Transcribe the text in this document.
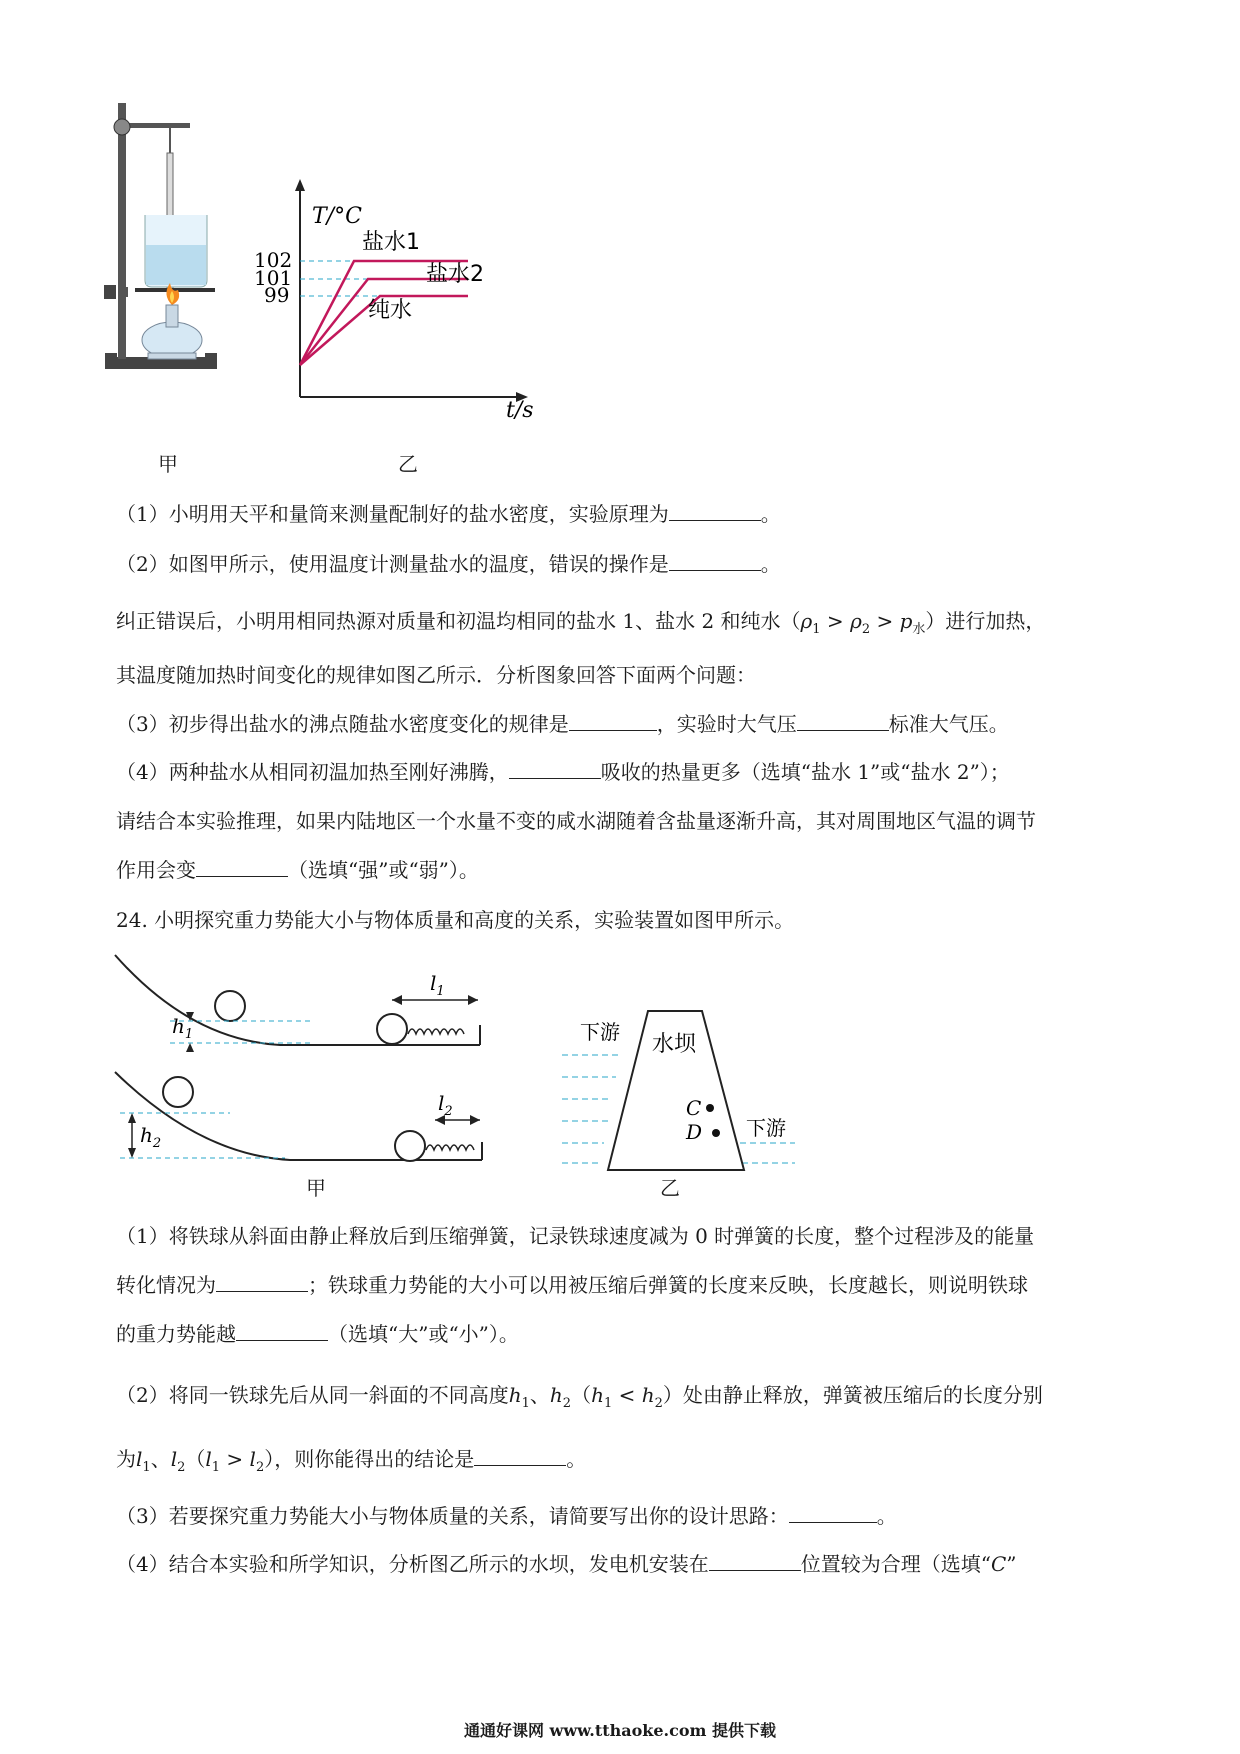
T/°C
t/s
102
101
99
盐水1
盐水2
纯水
甲	乙
（1）小明用天平和量筒来测量配制好的盐水密度，实验原理为	。
（2）如图甲所示，使用温度计测量盐水的温度，错误的操作是	。
纠正错误后，小明用相同热源对质量和初温均相同的盐水 1、盐水 2 和纯水$(\rho_1 > \rho_2 > p_水)$进行加热，
其温度随加热时间变化的规律如图乙所示．分析图象回答下面两个问题：
（3）初步得出盐水的沸点随盐水密度变化的规律是	，实验时大气压	标准大气压。
（4）两种盐水从相同初温加热至刚好沸腾，	吸收的热量更多（选填“盐水 1”或“盐水 2”）；
请结合本实验推理，如果内陆地区一个水量不变的咸水湖随着含盐量逐渐升高，其对周围地区气温的调节
作用会变	（选填“强”或“弱”）。
24. 小明探究重力势能大小与物体质量和高度的关系，实验装置如图甲所示。
$h_1$
$l_1$
$h_2$
$l_2$
水坝
下游
下游
C
D
甲	乙
（1）将铁球从斜面由静止释放后到压缩弹簧，记录铁球速度减为 0 时弹簧的长度，整个过程涉及的能量
转化情况为	；铁球重力势能的大小可以用被压缩后弹簧的长度来反映，长度越长，则说明铁球
的重力势能越	（选填“大”或“小”）。
（2）将同一铁球先后从同一斜面的不同高度$h_1$、$h_2(h_1 < h_2)$处由静止释放，弹簧被压缩后的长度分别
为$l_1$、$l_2(l_1 > l_2)$，则你能得出的结论是	。
（3）若要探究重力势能大小与物体质量的关系，请简要写出你的设计思路：	。
（4）结合本实验和所学知识，分析图乙所示的水坝，发电机安装在	位置较为合理（选填“C”
通通好课网 www.tthaoke.com 提供下载
